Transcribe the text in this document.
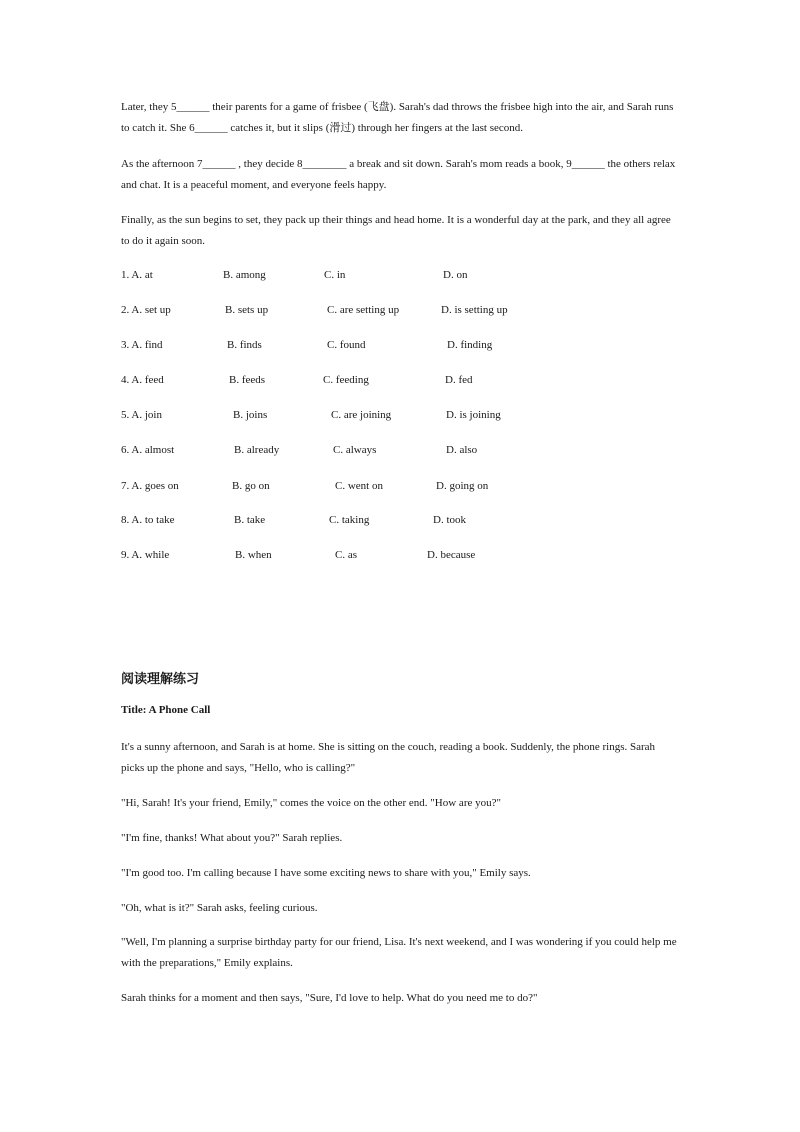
Later, they 5______ their parents for a game of frisbee (飞盘). Sarah's dad throws the frisbee high into the air, and Sarah runs to catch it. She 6______ catches it, but it slips (滑过) through her fingers at the last second.

As the afternoon 7______ , they decide 8________ a break and sit down. Sarah's mom reads a book, 9______ the others relax and chat. It is a peaceful moment, and everyone feels happy.

Finally, as the sun begins to set, they pack up their things and head home. It is a wonderful day at the park, and they all agree to do it again soon.

1. A. at	B. among	C. in	D. on
2. A. set up	B. sets up	C. are setting up	D. is setting up
3. A. find	B. finds	C. found	D. finding
4. A. feed	B. feeds	C. feeding	D. fed
5. A. join	B. joins	C. are joining	D. is joining
6. A. almost	B. already	C. always	D. also
7. A. goes on	B. go on	C. went on	D. going on
8. A. to take	B. take	C. taking	D. took
9. A. while	B. when	C. as	D. because
阅读理解练习

Title: A Phone Call

It's a sunny afternoon, and Sarah is at home. She is sitting on the couch, reading a book. Suddenly, the phone rings. Sarah picks up the phone and says, "Hello, who is calling?"

"Hi, Sarah! It's your friend, Emily," comes the voice on the other end. "How are you?"

"I'm fine, thanks! What about you?" Sarah replies.

"I'm good too. I'm calling because I have some exciting news to share with you," Emily says.

"Oh, what is it?" Sarah asks, feeling curious.

"Well, I'm planning a surprise birthday party for our friend, Lisa. It's next weekend, and I was wondering if you could help me with the preparations," Emily explains.

Sarah thinks for a moment and then says, "Sure, I'd love to help. What do you need me to do?"
